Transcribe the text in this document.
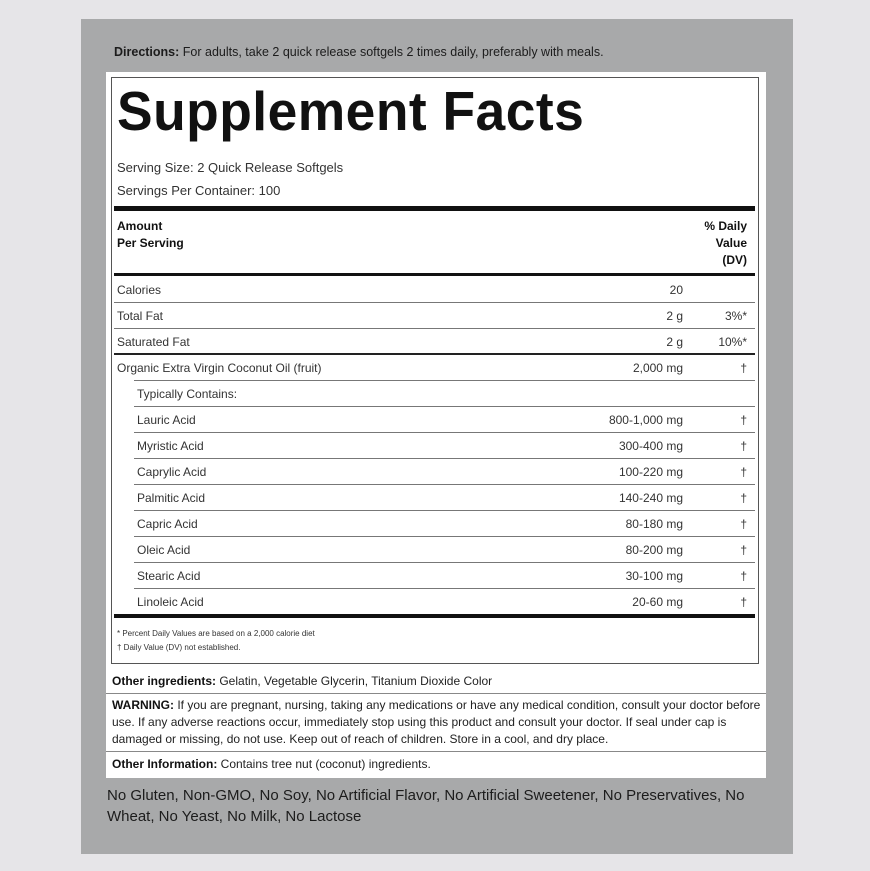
Directions: For adults, take 2 quick release softgels 2 times daily, preferably with meals.
Supplement Facts
Serving Size: 2 Quick Release Softgels
Servings Per Container: 100
Amount
Per Serving
% Daily
Value
(DV)
Calories	20
Total Fat	2 g	3%*
Saturated Fat	2 g	10%*
Organic Extra Virgin Coconut Oil (fruit)	2,000 mg	†
Typically Contains:
Lauric Acid	800-1,000 mg	†
Myristic Acid	300-400 mg	†
Caprylic Acid	100-220 mg	†
Palmitic Acid	140-240 mg	†
Capric Acid	80-180 mg	†
Oleic Acid	80-200 mg	†
Stearic Acid	30-100 mg	†
Linoleic Acid	20-60 mg	†
* Percent Daily Values are based on a 2,000 calorie diet
† Daily Value (DV) not established.
Other ingredients: Gelatin, Vegetable Glycerin, Titanium Dioxide Color
WARNING: If you are pregnant, nursing, taking any medications or have any medical condition, consult your doctor before use. If any adverse reactions occur, immediately stop using this product and consult your doctor. If seal under cap is damaged or missing, do not use. Keep out of reach of children. Store in a cool, and dry place.
Other Information: Contains tree nut (coconut) ingredients.
No Gluten, Non-GMO, No Soy, No Artificial Flavor, No Artificial Sweetener, No Preservatives, No Wheat, No Yeast, No Milk, No Lactose
